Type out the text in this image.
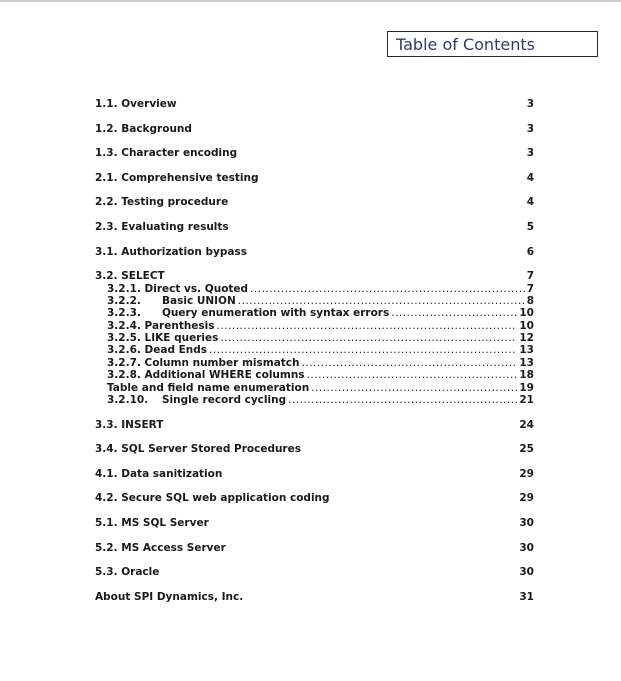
Table of Contents
1.1. Overview	3
1.2. Background	3
1.3. Character encoding	3
2.1. Comprehensive testing	4
2.2. Testing procedure	4
2.3. Evaluating results	5
3.1. Authorization bypass	6
3.2. SELECT	7
3.2.1. Direct vs. Quoted .....	7
3.2.2. Basic UNION .....	8
3.2.3. Query enumeration with syntax errors .....	10
3.2.4. Parenthesis .....	10
3.2.5. LIKE queries .....	12
3.2.6. Dead Ends .....	13
3.2.7. Column number mismatch .....	13
3.2.8. Additional WHERE columns .....	18
Table and field name enumeration .....	19
3.2.10. Single record cycling .....	21
3.3. INSERT	24
3.4. SQL Server Stored Procedures	25
4.1. Data sanitization	29
4.2. Secure SQL web application coding	29
5.1. MS SQL Server	30
5.2. MS Access Server	30
5.3. Oracle	30
About SPI Dynamics, Inc.	31
